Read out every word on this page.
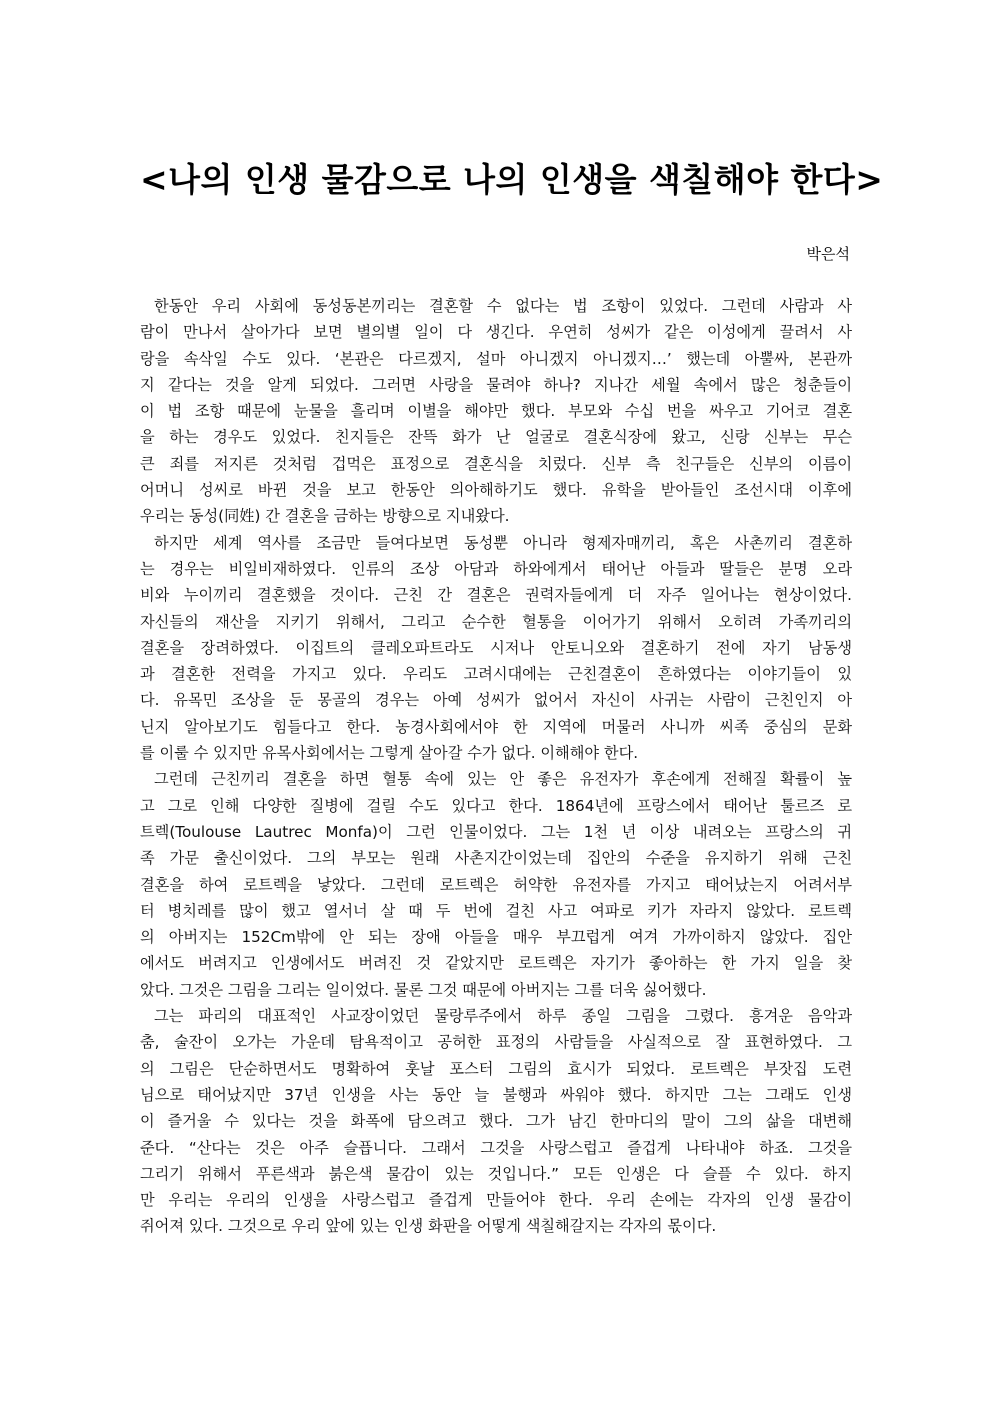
<나의 인생 물감으로 나의 인생을 색칠해야 한다>
박은석
한동안 우리 사회에 동성동본끼리는 결혼할 수 없다는 법 조항이 있었다. 그런데 사람과 사
람이 만나서 살아가다 보면 별의별 일이 다 생긴다. 우연히 성씨가 같은 이성에게 끌려서 사
랑을 속삭일 수도 있다. ‘본관은 다르겠지, 설마 아니겠지 아니겠지…’ 했는데 아뿔싸, 본관까
지 같다는 것을 알게 되었다. 그러면 사랑을 물려야 하나? 지나간 세월 속에서 많은 청춘들이
이 법 조항 때문에 눈물을 흘리며 이별을 해야만 했다. 부모와 수십 번을 싸우고 기어코 결혼
을 하는 경우도 있었다. 친지들은 잔뜩 화가 난 얼굴로 결혼식장에 왔고, 신랑 신부는 무슨
큰 죄를 저지른 것처럼 겁먹은 표정으로 결혼식을 치렀다. 신부 측 친구들은 신부의 이름이
어머니 성씨로 바뀐 것을 보고 한동안 의아해하기도 했다. 유학을 받아들인 조선시대 이후에
우리는 동성(同姓) 간 결혼을 금하는 방향으로 지내왔다.
하지만 세계 역사를 조금만 들여다보면 동성뿐 아니라 형제자매끼리, 혹은 사촌끼리 결혼하
는 경우는 비일비재하였다. 인류의 조상 아담과 하와에게서 태어난 아들과 딸들은 분명 오라
비와 누이끼리 결혼했을 것이다. 근친 간 결혼은 권력자들에게 더 자주 일어나는 현상이었다.
자신들의 재산을 지키기 위해서, 그리고 순수한 혈통을 이어가기 위해서 오히려 가족끼리의
결혼을 장려하였다. 이집트의 클레오파트라도 시저나 안토니오와 결혼하기 전에 자기 남동생
과 결혼한 전력을 가지고 있다. 우리도 고려시대에는 근친결혼이 흔하였다는 이야기들이 있
다. 유목민 조상을 둔 몽골의 경우는 아예 성씨가 없어서 자신이 사귀는 사람이 근친인지 아
닌지 알아보기도 힘들다고 한다. 농경사회에서야 한 지역에 머물러 사니까 씨족 중심의 문화
를 이룰 수 있지만 유목사회에서는 그렇게 살아갈 수가 없다. 이해해야 한다.
그런데 근친끼리 결혼을 하면 혈통 속에 있는 안 좋은 유전자가 후손에게 전해질 확률이 높
고 그로 인해 다양한 질병에 걸릴 수도 있다고 한다. 1864년에 프랑스에서 태어난 툴르즈 로
트렉(Toulouse Lautrec Monfa)이 그런 인물이었다. 그는 1천 년 이상 내려오는 프랑스의 귀
족 가문 출신이었다. 그의 부모는 원래 사촌지간이었는데 집안의 수준을 유지하기 위해 근친
결혼을 하여 로트렉을 낳았다. 그런데 로트렉은 허약한 유전자를 가지고 태어났는지 어려서부
터 병치레를 많이 했고 열서너 살 때 두 번에 걸친 사고 여파로 키가 자라지 않았다. 로트렉
의 아버지는 152Cm밖에 안 되는 장애 아들을 매우 부끄럽게 여겨 가까이하지 않았다. 집안
에서도 버려지고 인생에서도 버려진 것 같았지만 로트렉은 자기가 좋아하는 한 가지 일을 찾
았다. 그것은 그림을 그리는 일이었다. 물론 그것 때문에 아버지는 그를 더욱 싫어했다.
그는 파리의 대표적인 사교장이었던 물랑루주에서 하루 종일 그림을 그렸다. 흥겨운 음악과
춤, 술잔이 오가는 가운데 탐욕적이고 공허한 표정의 사람들을 사실적으로 잘 표현하였다. 그
의 그림은 단순하면서도 명확하여 훗날 포스터 그림의 효시가 되었다. 로트렉은 부잣집 도련
님으로 태어났지만 37년 인생을 사는 동안 늘 불행과 싸워야 했다. 하지만 그는 그래도 인생
이 즐거울 수 있다는 것을 화폭에 담으려고 했다. 그가 남긴 한마디의 말이 그의 삶을 대변해
준다. “산다는 것은 아주 슬픕니다. 그래서 그것을 사랑스럽고 즐겁게 나타내야 하죠. 그것을
그리기 위해서 푸른색과 붉은색 물감이 있는 것입니다.” 모든 인생은 다 슬플 수 있다. 하지
만 우리는 우리의 인생을 사랑스럽고 즐겁게 만들어야 한다. 우리 손에는 각자의 인생 물감이
쥐어져 있다. 그것으로 우리 앞에 있는 인생 화판을 어떻게 색칠해갈지는 각자의 몫이다.
